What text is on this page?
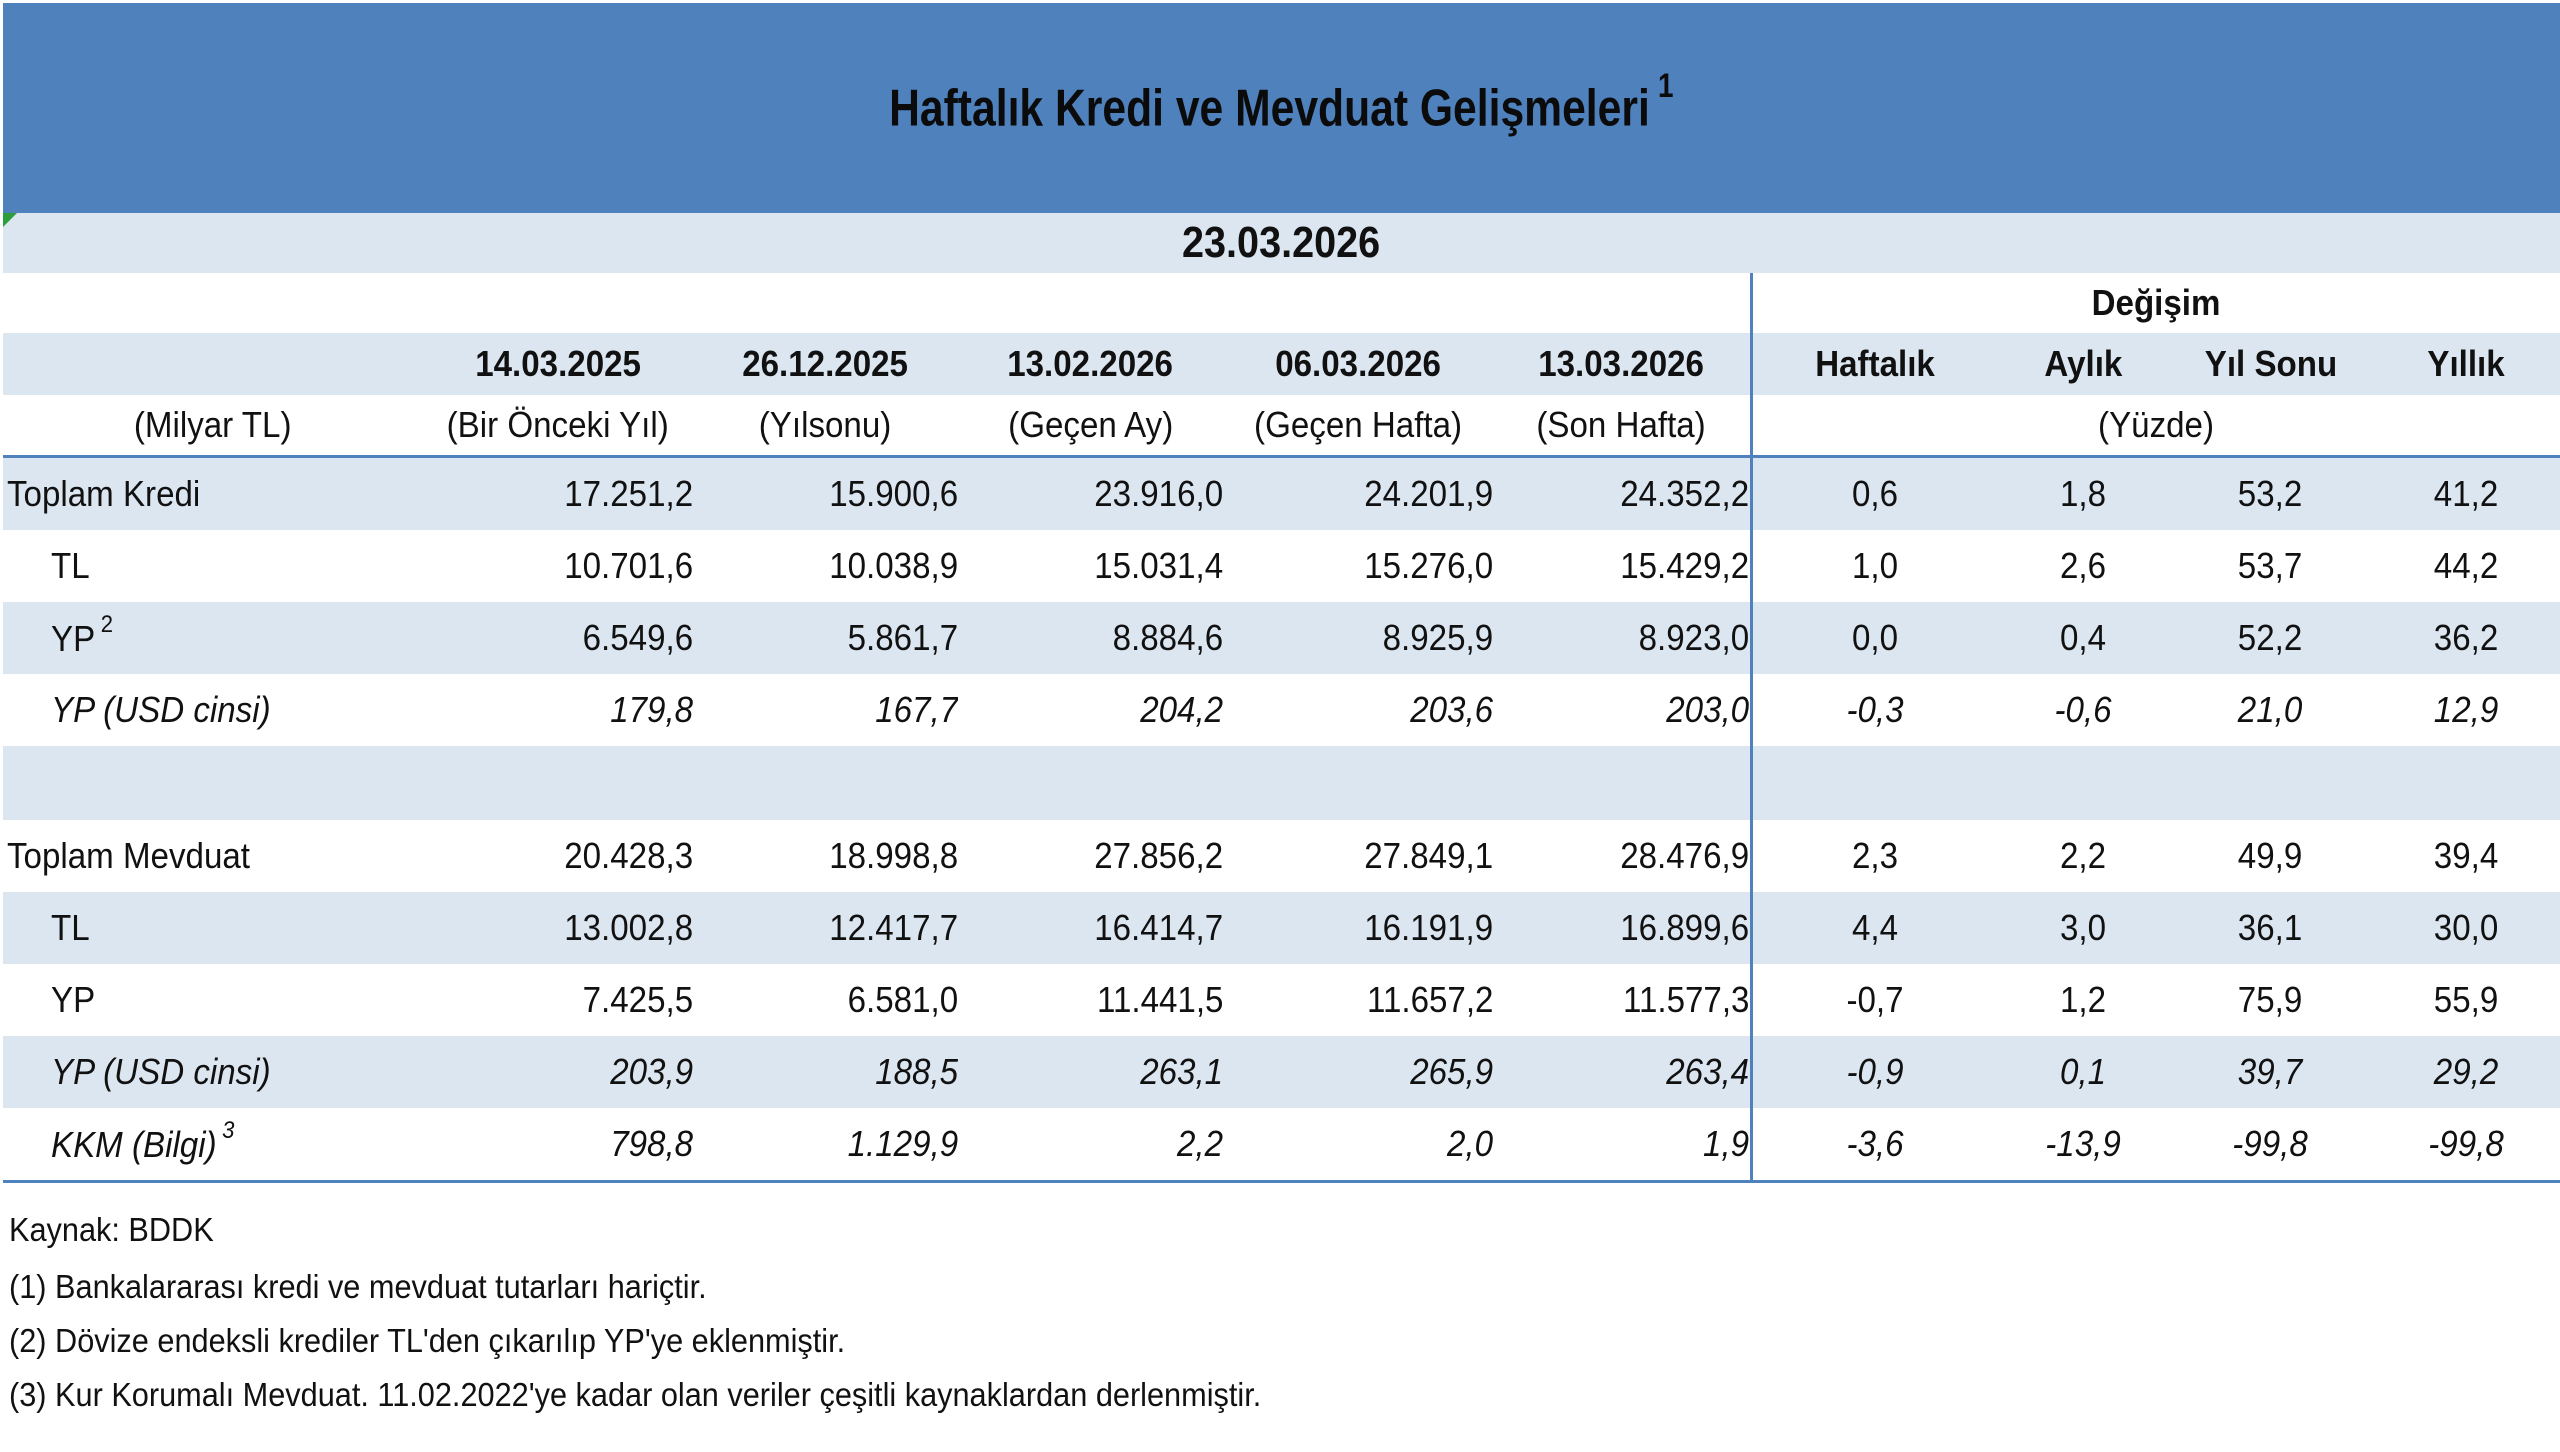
Haftalık Kredi ve Mevduat Gelişmeleri $^1$
23.03.2026
						Değişim			
	14.03.2025	26.12.2025	13.02.2026	06.03.2026	13.03.2026	Haftalık	Aylık	Yıl Sonu	Yıllık
(Milyar TL)	(Bir Önceki Yıl)	(Yılsonu)	(Geçen Ay)	(Geçen Hafta)	(Son Hafta)	(Yüzde)			
Toplam Kredi	17.251,2	15.900,6	23.916,0	24.201,9	24.352,2	0,6	1,8	53,2	41,2
TL	10.701,6	10.038,9	15.031,4	15.276,0	15.429,2	1,0	2,6	53,7	44,2
YP $^2$	6.549,6	5.861,7	8.884,6	8.925,9	8.923,0	0,0	0,4	52,2	36,2
YP (USD cinsi)	179,8	167,7	204,2	203,6	203,0	-0,3	-0,6	21,0	12,9

Toplam Mevduat	20.428,3	18.998,8	27.856,2	27.849,1	28.476,9	2,3	2,2	49,9	39,4
TL	13.002,8	12.417,7	16.414,7	16.191,9	16.899,6	4,4	3,0	36,1	30,0
YP	7.425,5	6.581,0	11.441,5	11.657,2	11.577,3	-0,7	1,2	75,9	55,9
YP (USD cinsi)	203,9	188,5	263,1	265,9	263,4	-0,9	0,1	39,7	29,2
KKM (Bilgi) $^3$	798,8	1.129,9	2,2	2,0	1,9	-3,6	-13,9	-99,8	-99,8
Kaynak: BDDK
(1) Bankalararası kredi ve mevduat tutarları hariçtir.
(2) Dövize endeksli krediler TL'den çıkarılıp YP'ye eklenmiştir.
(3) Kur Korumalı Mevduat. 11.02.2022'ye kadar olan veriler çeşitli kaynaklardan derlenmiştir.
